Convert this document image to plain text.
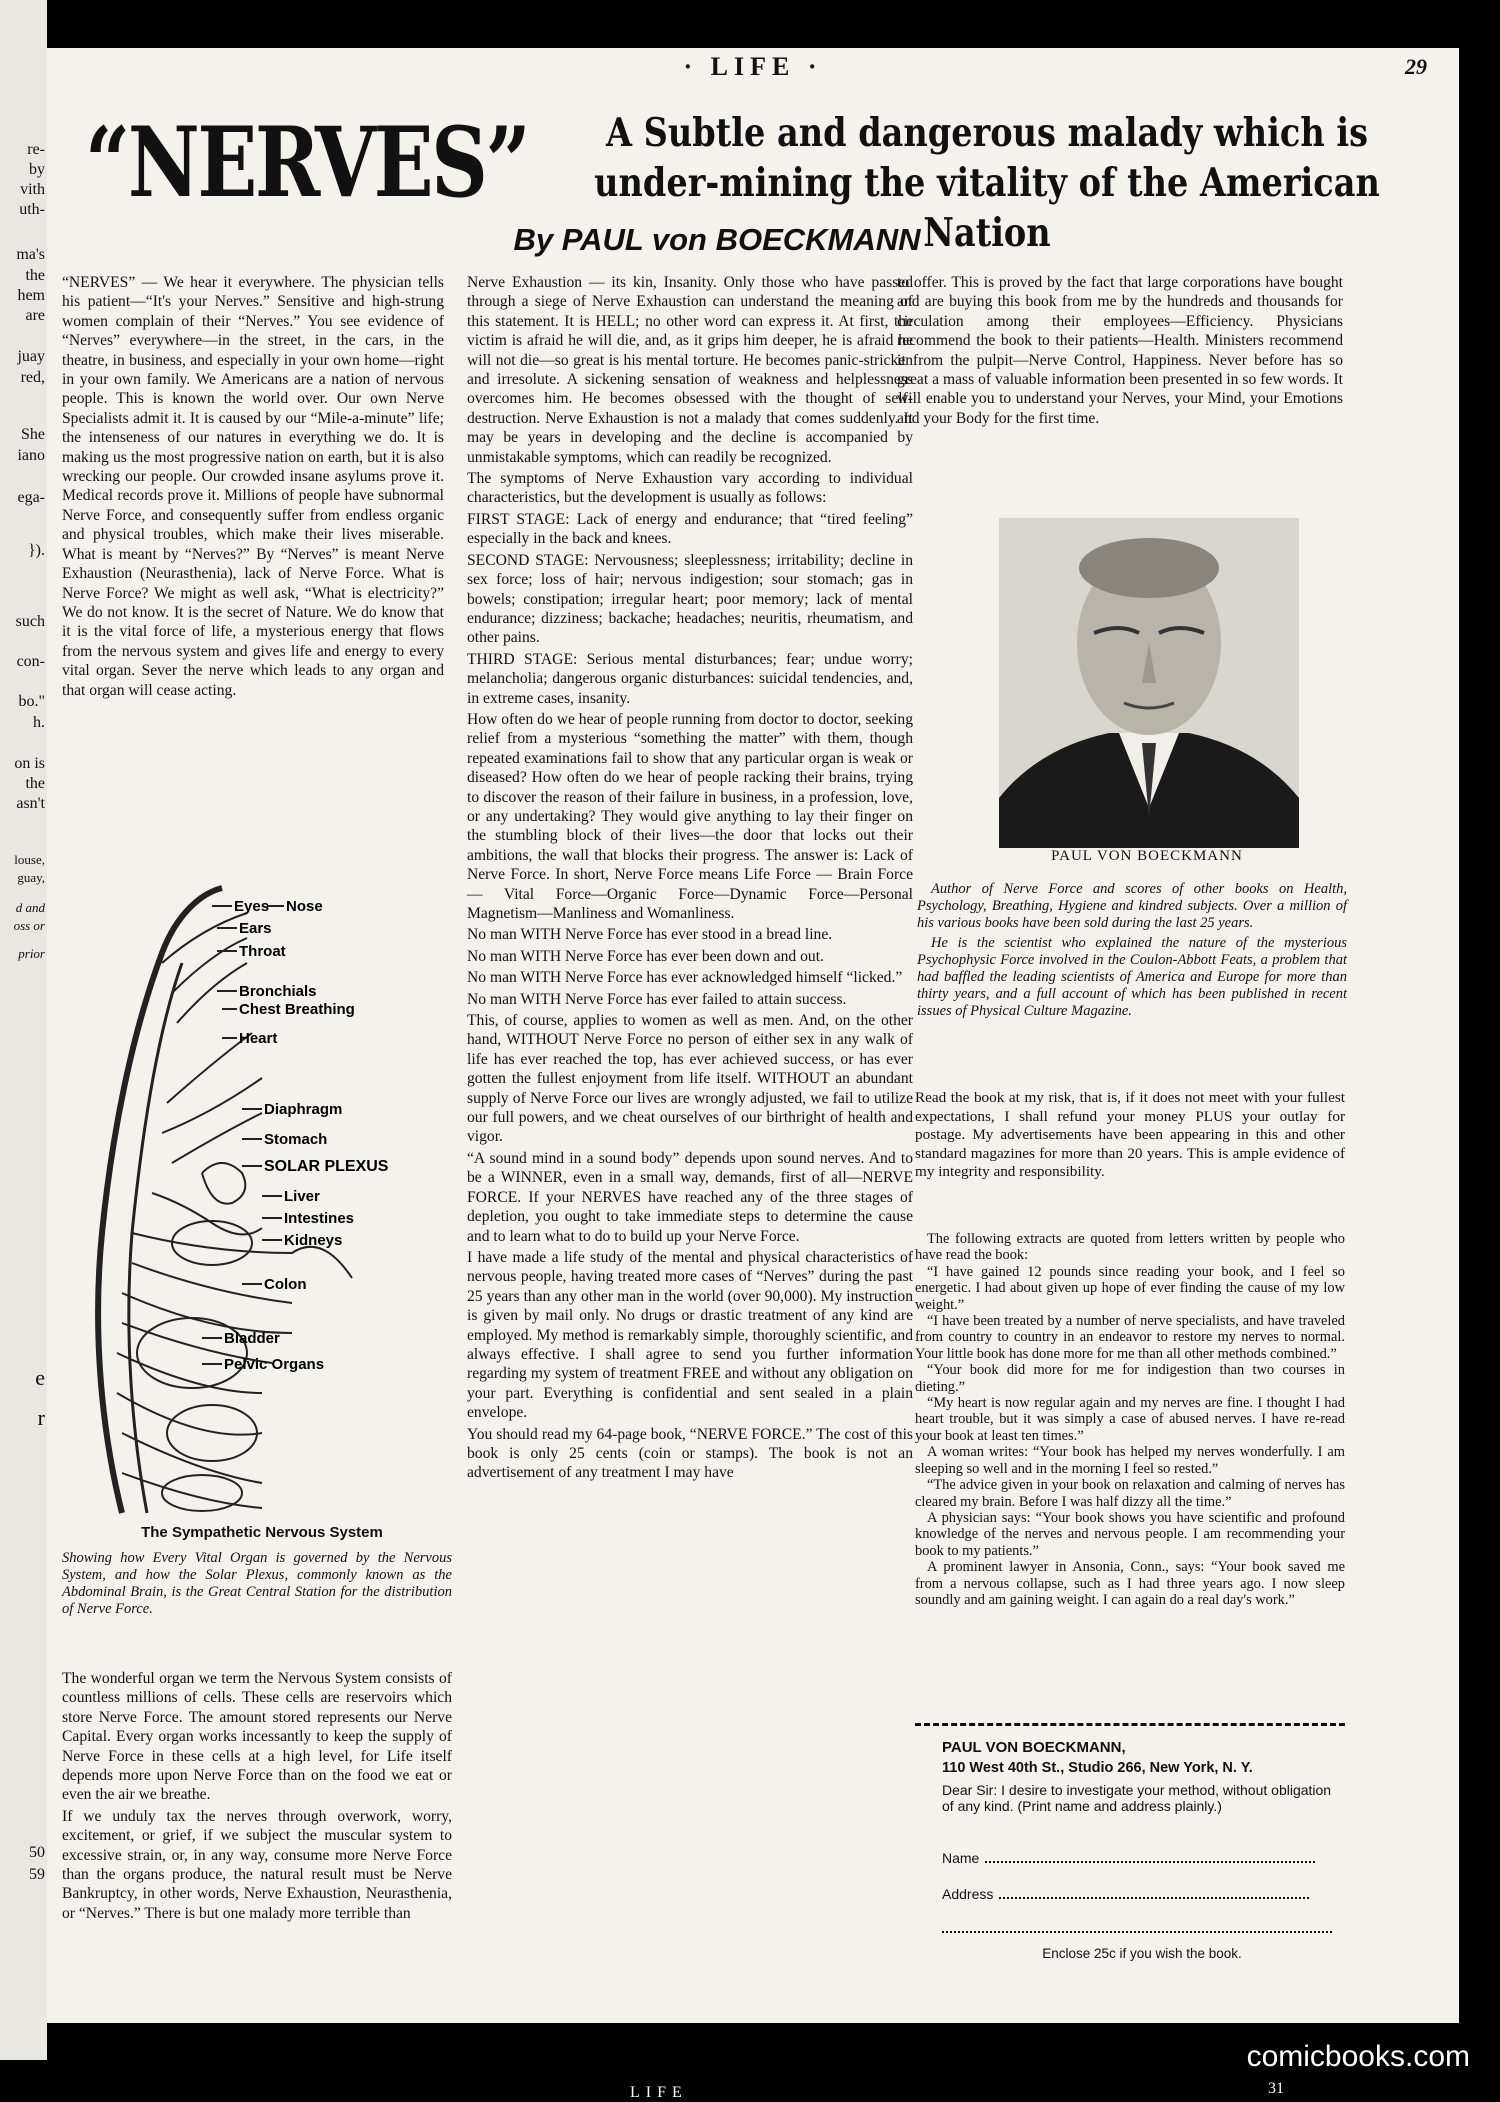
re-
by
vith
uth-
ma's
the
hem
are
juay
red,
She
iano
ega-
}).
such
con-
bo."
h.
on is
the
asn't
louse,
guay,
d and
oss or
prior
e
r
50
59
· LIFE ·	29
“NERVES”	A Subtle and dangerous malady which is under-mining the vitality of the American Nation
By PAUL von BOECKMANN

“NERVES” — We hear it everywhere. The physician tells his patient—“It's your Nerves.” Sensitive and high-strung women complain of their “Nerves.” You see evidence of “Nerves” everywhere—in the street, in the cars, in the theatre, in business, and especially in your own home—right in your own family. We Americans are a nation of nervous people. This is known the world over. Our own Nerve Specialists admit it. It is caused by our “Mile-a-minute” life; the intenseness of our natures in everything we do. It is making us the most progressive nation on earth, but it is also wrecking our people. Our crowded insane asylums prove it. Medical records prove it. Millions of people have subnormal Nerve Force, and consequently suffer from endless organic and physical troubles, which make their lives miserable. What is meant by “Nerves?” By “Nerves” is meant Nerve Exhaustion (Neurasthenia), lack of Nerve Force. What is Nerve Force? We might as well ask, “What is electricity?” We do not know. It is the secret of Nature. We do know that it is the vital force of life, a mysterious energy that flows from the nervous system and gives life and energy to every vital organ. Sever the nerve which leads to any organ and that organ will cease acting.

Eyes Nose
Ears
Throat
Bronchials
Chest Breathing
Heart
Diaphragm
Stomach
SOLAR PLEXUS
Liver
Intestines
Kidneys
Colon
Bladder
Pelvic Organs
The Sympathetic Nervous System
Showing how Every Vital Organ is governed by the Nervous System, and how the Solar Plexus, commonly known as the Abdominal Brain, is the Great Central Station for the distribution of Nerve Force.

The wonderful organ we term the Nervous System consists of countless millions of cells. These cells are reservoirs which store Nerve Force. The amount stored represents our Nerve Capital. Every organ works incessantly to keep the supply of Nerve Force in these cells at a high level, for Life itself depends more upon Nerve Force than on the food we eat or even the air we breathe.

If we unduly tax the nerves through overwork, worry, excitement, or grief, if we subject the muscular system to excessive strain, or, in any way, consume more Nerve Force than the organs produce, the natural result must be Nerve Bankruptcy, in other words, Nerve Exhaustion, Neurasthenia, or “Nerves.” There is but one malady more terrible than

Nerve Exhaustion — its kin, Insanity. Only those who have passed through a siege of Nerve Exhaustion can understand the meaning of this statement. It is HELL; no other word can express it. At first, the victim is afraid he will die, and, as it grips him deeper, he is afraid he will not die—so great is his mental torture. He becomes panic-stricken and irresolute. A sickening sensation of weakness and helplessness overcomes him. He becomes obsessed with the thought of self-destruction. Nerve Exhaustion is not a malady that comes suddenly. It may be years in developing and the decline is accompanied by unmistakable symptoms, which can readily be recognized.

The symptoms of Nerve Exhaustion vary according to individual characteristics, but the development is usually as follows:

FIRST STAGE: Lack of energy and endurance; that “tired feeling” especially in the back and knees.

SECOND STAGE: Nervousness; sleeplessness; irritability; decline in sex force; loss of hair; nervous indigestion; sour stomach; gas in bowels; constipation; irregular heart; poor memory; lack of mental endurance; dizziness; backache; headaches; neuritis, rheumatism, and other pains.

THIRD STAGE: Serious mental disturbances; fear; undue worry; melancholia; dangerous organic disturbances: suicidal tendencies, and, in extreme cases, insanity.

How often do we hear of people running from doctor to doctor, seeking relief from a mysterious “something the matter” with them, though repeated examinations fail to show that any particular organ is weak or diseased? How often do we hear of people racking their brains, trying to discover the reason of their failure in business, in a profession, love, or any undertaking? They would give anything to lay their finger on the stumbling block of their lives—the door that locks out their ambitions, the wall that blocks their progress. The answer is: Lack of Nerve Force. In short, Nerve Force means Life Force — Brain Force — Vital Force—Organic Force—Dynamic Force—Personal Magnetism—Manliness and Womanliness.

No man WITH Nerve Force has ever stood in a bread line.

No man WITH Nerve Force has ever been down and out.

No man WITH Nerve Force has ever acknowledged himself “licked.”

No man WITH Nerve Force has ever failed to attain success.

This, of course, applies to women as well as men. And, on the other hand, WITHOUT Nerve Force no person of either sex in any walk of life has ever reached the top, has ever achieved success, or has ever gotten the fullest enjoyment from life itself. WITHOUT an abundant supply of Nerve Force our lives are wrongly adjusted, we fail to utilize our full powers, and we cheat ourselves of our birthright of health and vigor.

“A sound mind in a sound body” depends upon sound nerves. And to be a WINNER, even in a small way, demands, first of all—NERVE FORCE. If your NERVES have reached any of the three stages of depletion, you ought to take immediate steps to determine the cause and to learn what to do to build up your Nerve Force.

I have made a life study of the mental and physical characteristics of nervous people, having treated more cases of “Nerves” during the past 25 years than any other man in the world (over 90,000). My instruction is given by mail only. No drugs or drastic treatment of any kind are employed. My method is remarkably simple, thoroughly scientific, and always effective. I shall agree to send you further information regarding my system of treatment FREE and without any obligation on your part. Everything is confidential and sent sealed in a plain envelope.

You should read my 64-page book, “NERVE FORCE.” The cost of this book is only 25 cents (coin or stamps). The book is not an advertisement of any treatment I may have

to offer. This is proved by the fact that large corporations have bought and are buying this book from me by the hundreds and thousands for circulation among their employees—Efficiency. Physicians recommend the book to their patients—Health. Ministers recommend it from the pulpit—Nerve Control, Happiness. Never before has so great a mass of valuable information been presented in so few words. It will enable you to understand your Nerves, your Mind, your Emotions and your Body for the first time.

PAUL VON BOECKMANN

Author of Nerve Force and scores of other books on Health, Psychology, Breathing, Hygiene and kindred subjects. Over a million of his various books have been sold during the last 25 years.

He is the scientist who explained the nature of the mysterious Psychophysic Force involved in the Coulon-Abbott Feats, a problem that had baffled the leading scientists of America and Europe for more than thirty years, and a full account of which has been published in recent issues of Physical Culture Magazine.

Read the book at my risk, that is, if it does not meet with your fullest expectations, I shall refund your money PLUS your outlay for postage. My advertisements have been appearing in this and other standard magazines for more than 20 years. This is ample evidence of my integrity and responsibility.

The following extracts are quoted from letters written by people who have read the book:

“I have gained 12 pounds since reading your book, and I feel so energetic. I had about given up hope of ever finding the cause of my low weight.”

“I have been treated by a number of nerve specialists, and have traveled from country to country in an endeavor to restore my nerves to normal. Your little book has done more for me than all other methods combined.”

“Your book did more for me for indigestion than two courses in dieting.”

“My heart is now regular again and my nerves are fine. I thought I had heart trouble, but it was simply a case of abused nerves. I have re-read your book at least ten times.”

A woman writes: “Your book has helped my nerves wonderfully. I am sleeping so well and in the morning I feel so rested.”

“The advice given in your book on relaxation and calming of nerves has cleared my brain. Before I was half dizzy all the time.”

A physician says: “Your book shows you have scientific and profound knowledge of the nerves and nervous people. I am recommending your book to my patients.”

A prominent lawyer in Ansonia, Conn., says: “Your book saved me from a nervous collapse, such as I had three years ago. I now sleep soundly and am gaining weight. I can again do a real day's work.”

PAUL VON BOECKMANN,
110 West 40th St., Studio 266, New York, N. Y.
Dear Sir: I desire to investigate your method, without obligation of any kind. (Print name and address plainly.)
Name
Address
Enclose 25c if you wish the book.
comicbooks.com
LIFE	31
